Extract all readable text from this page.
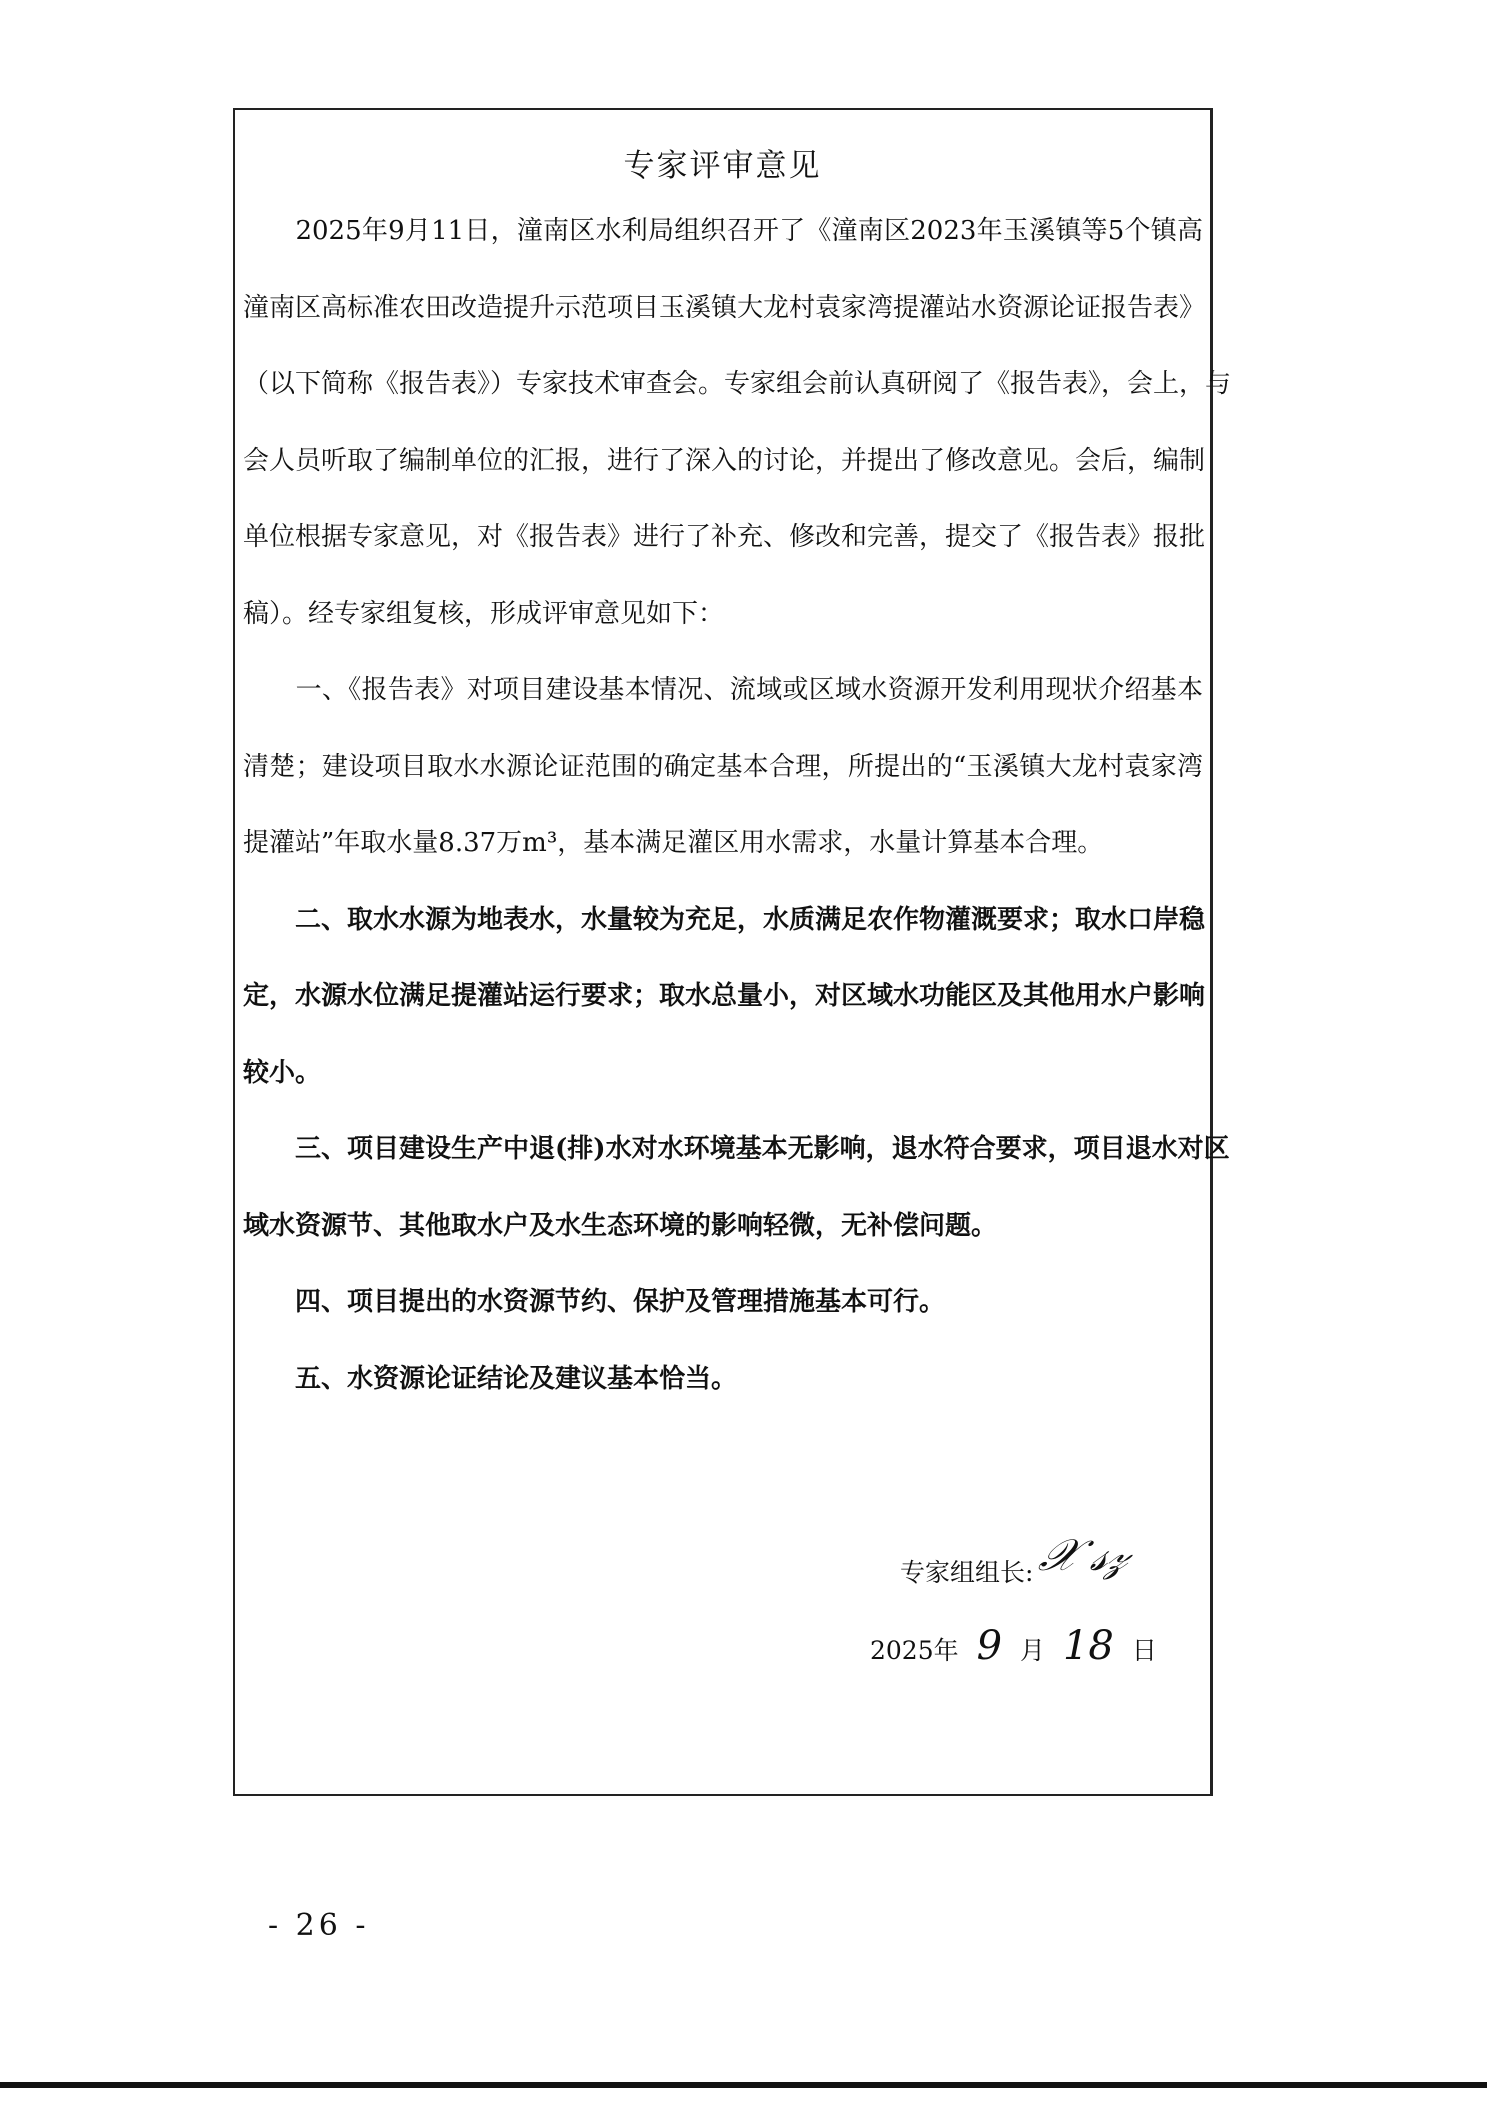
专家评审意见
　　2025年9月11日，潼南区水利局组织召开了《潼南区2023年玉溪镇等5个镇高
潼南区高标准农田改造提升示范项目玉溪镇大龙村袁家湾提灌站水资源论证报告表》
（以下简称《报告表》）专家技术审查会。专家组会前认真研阅了《报告表》，会上，与
会人员听取了编制单位的汇报，进行了深入的讨论，并提出了修改意见。会后，编制
单位根据专家意见，对《报告表》进行了补充、修改和完善，提交了《报告表》报批
稿）。经专家组复核，形成评审意见如下：
　　一、《报告表》对项目建设基本情况、流域或区域水资源开发利用现状介绍基本
清楚；建设项目取水水源论证范围的确定基本合理，所提出的“玉溪镇大龙村袁家湾
提灌站”年取水量8.37万m³，基本满足灌区用水需求，水量计算基本合理。
　　二、取水水源为地表水，水量较为充足，水质满足农作物灌溉要求；取水口岸稳
定，水源水位满足提灌站运行要求；取水总量小，对区域水功能区及其他用水户影响
较小。
　　三、项目建设生产中退(排)水对水环境基本无影响，退水符合要求，项目退水对区
域水资源节、其他取水户及水生态环境的影响轻微，无补偿问题。
　　四、项目提出的水资源节约、保护及管理措施基本可行。
　　五、水资源论证结论及建议基本恰当。
专家组组长: 𝒳 𝓈𝓏
2025年 9 月 18 日
- 26 -
